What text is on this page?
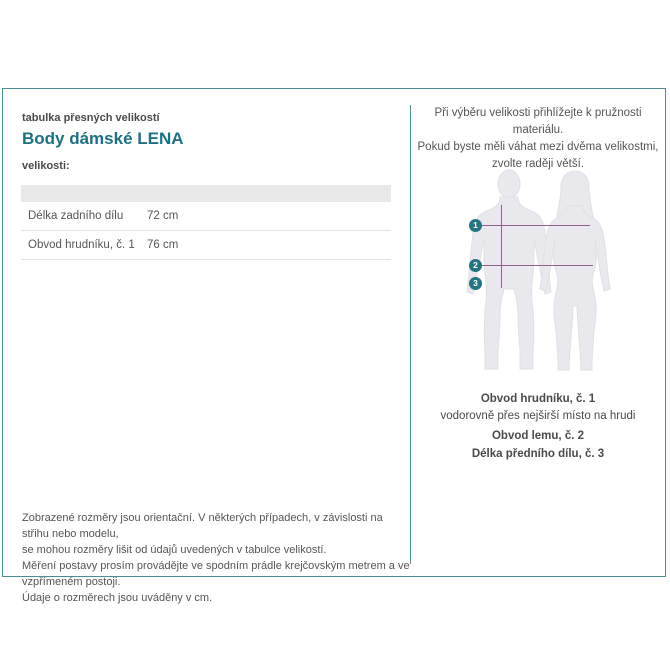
tabulka přesných velikostí
Body dámské LENA
velikosti:
Délka zadního dílu	72 cm
Obvod hrudníku, č. 1	76 cm
Zobrazené rozměry jsou orientační. V některých případech, v závislosti na střihu nebo modelu,
se mohou rozměry lišit od údajů uvedených v tabulce velikostí.
Měření postavy prosím provádějte ve spodním prádle krejčovským metrem a ve vzpřímeném postoji.
Údaje o rozměrech jsou uváděny v cm.
Při výběru velikosti přihlížejte k pružnosti materiálu.
Pokud byste měli váhat mezi dvěma velikostmi,
zvolte raději větší.
1
2
3
Obvod hrudníku, č. 1
vodorovně přes nejširší místo na hrudi
Obvod lemu, č. 2
Délka předního dílu, č. 3
